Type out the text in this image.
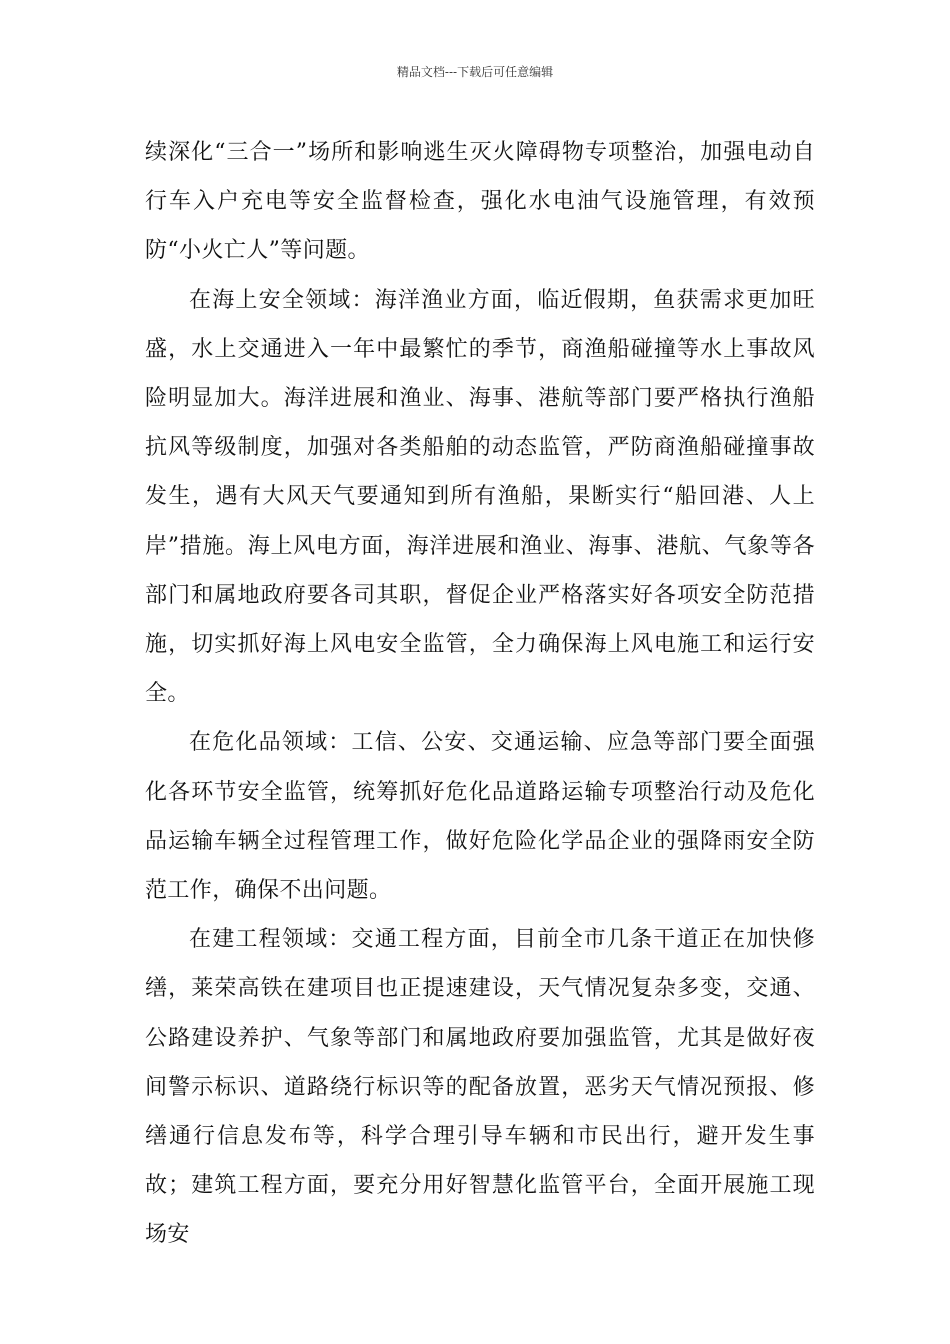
精品文档---下载后可任意编辑

续深化“三合一”场所和影响逃生灭火障碍物专项整治，加强电动自行车入户充电等安全监督检查，强化水电油气设施管理，有效预防“小火亡人”等问题。

在海上安全领域：海洋渔业方面，临近假期，鱼获需求更加旺盛，水上交通进入一年中最繁忙的季节，商渔船碰撞等水上事故风险明显加大。海洋进展和渔业、海事、港航等部门要严格执行渔船抗风等级制度，加强对各类船舶的动态监管，严防商渔船碰撞事故发生，遇有大风天气要通知到所有渔船，果断实行“船回港、人上岸”措施。海上风电方面，海洋进展和渔业、海事、港航、气象等各部门和属地政府要各司其职，督促企业严格落实好各项安全防范措施，切实抓好海上风电安全监管，全力确保海上风电施工和运行安全。

在危化品领域：工信、公安、交通运输、应急等部门要全面强化各环节安全监管，统筹抓好危化品道路运输专项整治行动及危化品运输车辆全过程管理工作，做好危险化学品企业的强降雨安全防范工作，确保不出问题。

在建工程领域：交通工程方面，目前全市几条干道正在加快修缮，莱荣高铁在建项目也正提速建设，天气情况复杂多变，交通、公路建设养护、气象等部门和属地政府要加强监管，尤其是做好夜间警示标识、道路绕行标识等的配备放置，恶劣天气情况预报、修缮通行信息发布等，科学合理引导车辆和市民出行，避开发生事故；建筑工程方面，要充分用好智慧化监管平台，全面开展施工现场安
